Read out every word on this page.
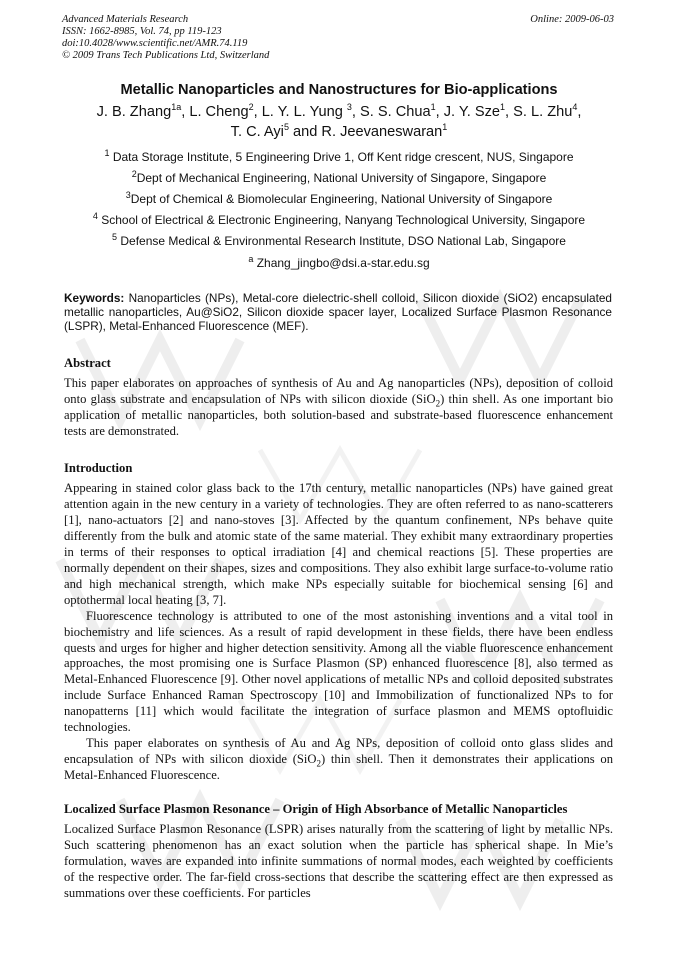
Advanced Materials Research
ISSN: 1662-8985, Vol. 74, pp 119-123
doi:10.4028/www.scientific.net/AMR.74.119
© 2009 Trans Tech Publications Ltd, Switzerland
Online: 2009-06-03
Metallic Nanoparticles and Nanostructures for Bio-applications
J. B. Zhang$^{1a}$, L. Cheng$^2$, L. Y. L. Yung $^3$, S. S. Chua$^1$, J. Y. Sze$^1$, S. L. Zhu$^4$,
T. C. Ayi$^5$ and R. Jeevaneswaran$^1$
$^1$ Data Storage Institute, 5 Engineering Drive 1, Off Kent ridge crescent, NUS, Singapore
$^2$Dept of Mechanical Engineering, National University of Singapore, Singapore
$^3$Dept of Chemical & Biomolecular Engineering, National University of Singapore
$^4$ School of Electrical & Electronic Engineering, Nanyang Technological University, Singapore
$^5$ Defense Medical & Environmental Research Institute, DSO National Lab, Singapore
$^a$ Zhang_jingbo@dsi.a-star.edu.sg
Keywords: Nanoparticles (NPs), Metal-core dielectric-shell colloid, Silicon dioxide (SiO2) encapsulated metallic nanoparticles, Au@SiO2, Silicon dioxide spacer layer, Localized Surface Plasmon Resonance (LSPR), Metal-Enhanced Fluorescence (MEF).
Abstract

This paper elaborates on approaches of synthesis of Au and Ag nanoparticles (NPs), deposition of colloid onto glass substrate and encapsulation of NPs with silicon dioxide (SiO$_2$) thin shell. As one important bio application of metallic nanoparticles, both solution-based and substrate-based fluorescence enhancement tests are demonstrated.

Introduction

Appearing in stained color glass back to the 17th century, metallic nanoparticles (NPs) have gained great attention again in the new century in a variety of technologies. They are often referred to as nano-scatterers [1], nano-actuators [2] and nano-stoves [3]. Affected by the quantum confinement, NPs behave quite differently from the bulk and atomic state of the same material. They exhibit many extraordinary properties in terms of their responses to optical irradiation [4] and chemical reactions [5]. These properties are normally dependent on their shapes, sizes and compositions. They also exhibit large surface-to-volume ratio and high mechanical strength, which make NPs especially suitable for biochemical sensing [6] and optothermal local heating [3, 7].

Fluorescence technology is attributed to one of the most astonishing inventions and a vital tool in biochemistry and life sciences. As a result of rapid development in these fields, there have been endless quests and urges for higher and higher detection sensitivity. Among all the viable fluorescence enhancement approaches, the most promising one is Surface Plasmon (SP) enhanced fluorescence [8], also termed as Metal-Enhanced Fluorescence [9]. Other novel applications of metallic NPs and colloid deposited substrates include Surface Enhanced Raman Spectroscopy [10] and Immobilization of functionalized NPs to for nanopatterns [11] which would facilitate the integration of surface plasmon and MEMS optofluidic technologies.

This paper elaborates on synthesis of Au and Ag NPs, deposition of colloid onto glass slides and encapsulation of NPs with silicon dioxide (SiO$_2$) thin shell. Then it demonstrates their applications on Metal-Enhanced Fluorescence.

Localized Surface Plasmon Resonance – Origin of High Absorbance of Metallic Nanoparticles

Localized Surface Plasmon Resonance (LSPR) arises naturally from the scattering of light by metallic NPs. Such scattering phenomenon has an exact solution when the particle has spherical shape. In Mie’s formulation, waves are expanded into infinite summations of normal modes, each weighted by coefficients of the respective order. The far-field cross-sections that describe the scattering effect are then expressed as summations over these coefficients. For particles
